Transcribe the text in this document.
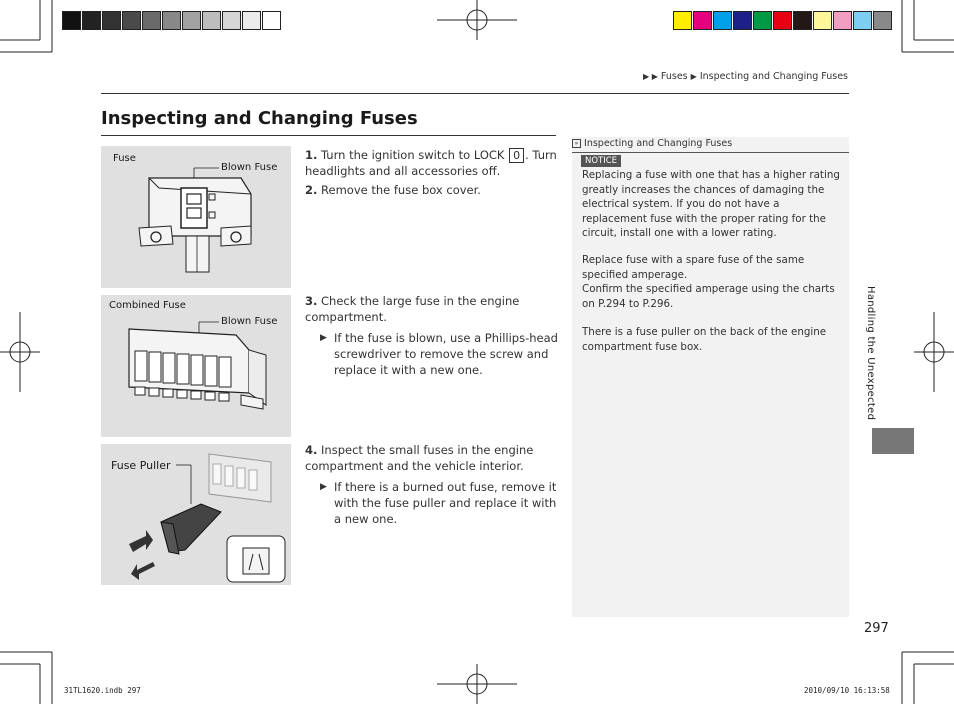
▶ ▶ Fuses ▶ Inspecting and Changing Fuses
Inspecting and Changing Fuses
Fuse
Blown Fuse
Combined Fuse
Blown Fuse
Fuse Puller
1. Turn the ignition switch to LOCK 0 . Turn headlights and all accessories off.
2. Remove the fuse box cover.
3. Check the large fuse in the engine compartment.
▶ If the fuse is blown, use a Phillips-head screwdriver to remove the screw and replace it with a new one.
4. Inspect the small fuses in the engine compartment and the vehicle interior.
▶ If there is a burned out fuse, remove it with the fuse puller and replace it with a new one.
» Inspecting and Changing Fuses
NOTICE
Replacing a fuse with one that has a higher rating greatly increases the chances of damaging the electrical system. If you do not have a replacement fuse with the proper rating for the circuit, install one with a lower rating.
Replace fuse with a spare fuse of the same specified amperage.
Confirm the specified amperage using the charts on P.294 to P.296.
There is a fuse puller on the back of the engine compartment fuse box.	Handling the Unexpected
297
31TL1620.indb 297	2010/09/10 16:13:58
